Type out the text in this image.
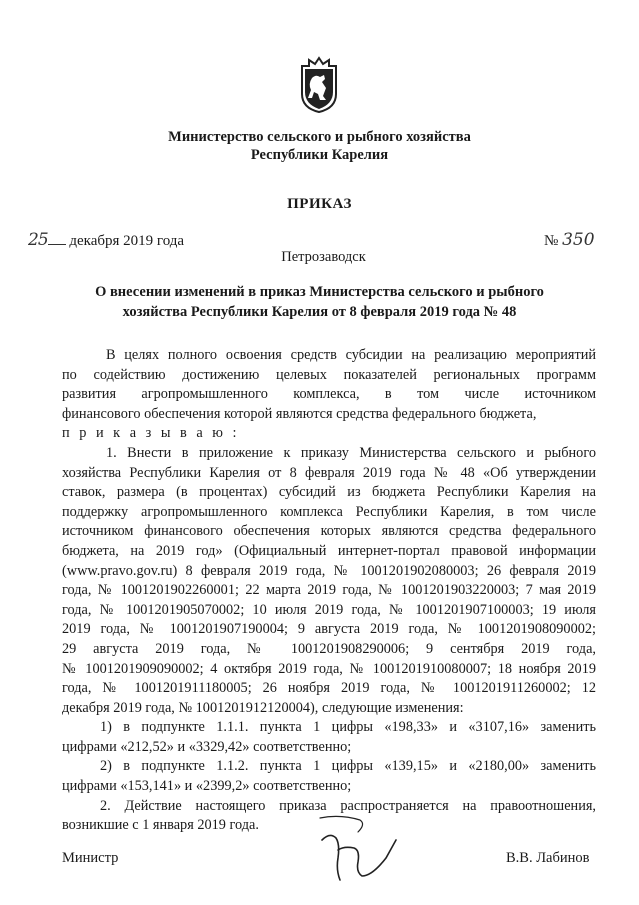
Министерство сельского и рыбного хозяйства
Республики Карелия
ПРИКАЗ
25 декабря 2019 года	№ 350
Петрозаводск
О внесении изменений в приказ Министерства сельского и рыбного
хозяйства Республики Карелия от 8 февраля 2019 года № 48
В целях полного освоения средств субсидии на реализацию мероприятий
по содействию достижению целевых показателей региональных программ
развития агропромышленного комплекса, в том числе источником
финансового обеспечения которой являются средства федерального бюджета,
п р и к а з ы в а ю :
1. Внести в приложение к приказу Министерства сельского и рыбного
хозяйства Республики Карелия от 8 февраля 2019 года № 48 «Об утверждении
ставок, размера (в процентах) субсидий из бюджета Республики Карелия на
поддержку агропромышленного комплекса Республики Карелия, в том числе
источником финансового обеспечения которых являются средства федерального
бюджета, на 2019 год» (Официальный интернет-портал правовой информации
(www.pravo.gov.ru) 8 февраля 2019 года, № 1001201902080003; 26 февраля 2019
года, № 1001201902260001; 22 марта 2019 года, № 1001201903220003; 7 мая 2019
года, № 1001201905070002; 10 июля 2019 года, № 1001201907100003; 19 июля
2019 года, № 1001201907190004; 9 августа 2019 года, № 1001201908090002;
29 августа 2019 года, № 1001201908290006; 9 сентября 2019 года,
№ 1001201909090002; 4 октября 2019 года, № 1001201910080007; 18 ноября 2019
года, № 1001201911180005; 26 ноября 2019 года, № 1001201911260002; 12
декабря 2019 года, № 1001201912120004), следующие изменения:
1) в подпункте 1.1.1. пункта 1 цифры «198,33» и «3107,16» заменить
цифрами «212,52» и «3329,42» соответственно;
2) в подпункте 1.1.2. пункта 1 цифры «139,15» и «2180,00» заменить
цифрами «153,141» и «2399,2» соответственно;
2. Действие настоящего приказа распространяется на правоотношения,
возникшие с 1 января 2019 года.
Министр	В.В. Лабинов
